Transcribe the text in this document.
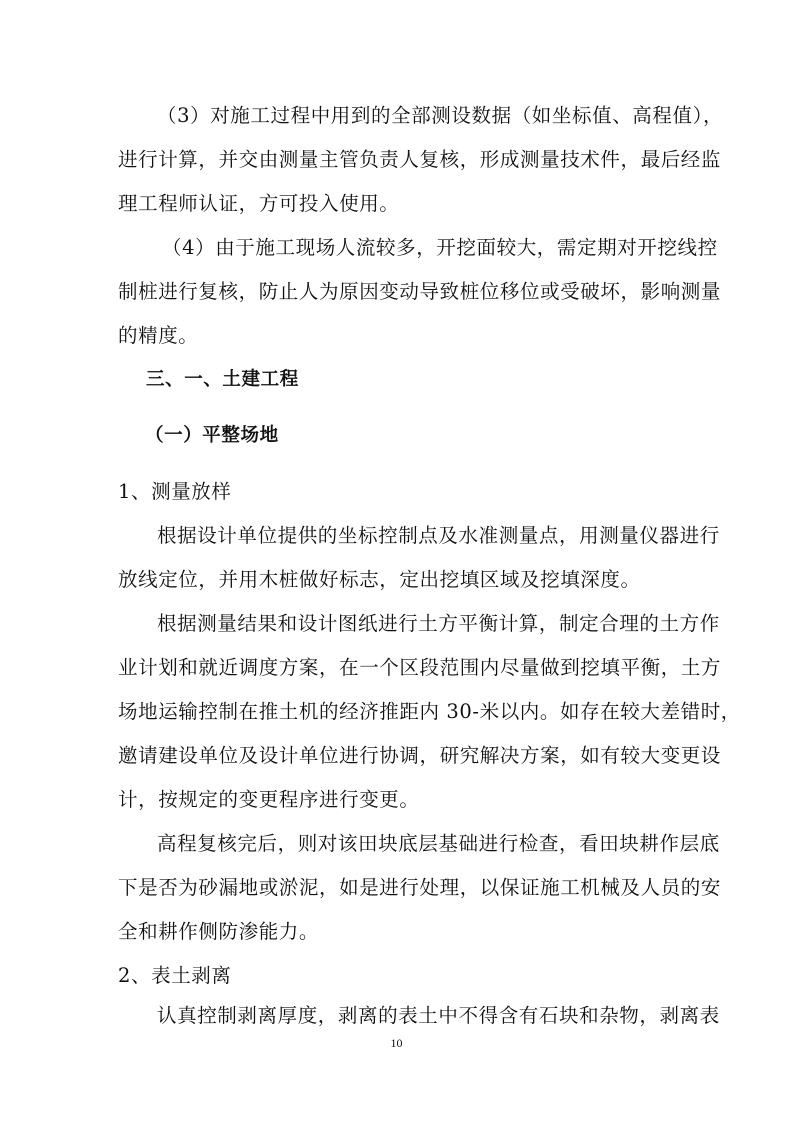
（3）对施工过程中用到的全部测设数据（如坐标值、高程值），
进行计算，并交由测量主管负责人复核，形成测量技术件，最后经监
理工程师认证，方可投入使用。
（4）由于施工现场人流较多，开挖面较大，需定期对开挖线控
制桩进行复核，防止人为原因变动导致桩位移位或受破坏，影响测量
的精度。
三、一、土建工程
（一）平整场地
1、测量放样
根据设计单位提供的坐标控制点及水准测量点，用测量仪器进行
放线定位，并用木桩做好标志，定出挖填区域及挖填深度。
根据测量结果和设计图纸进行土方平衡计算，制定合理的土方作
业计划和就近调度方案，在一个区段范围内尽量做到挖填平衡，土方
场地运输控制在推土机的经济推距内 30-米以内。如存在较大差错时，
邀请建设单位及设计单位进行协调，研究解决方案，如有较大变更设
计，按规定的变更程序进行变更。
高程复核完后，则对该田块底层基础进行检查，看田块耕作层底
下是否为砂漏地或淤泥，如是进行处理，以保证施工机械及人员的安
全和耕作侧防渗能力。
2、表土剥离
认真控制剥离厚度，剥离的表土中不得含有石块和杂物，剥离表
10
